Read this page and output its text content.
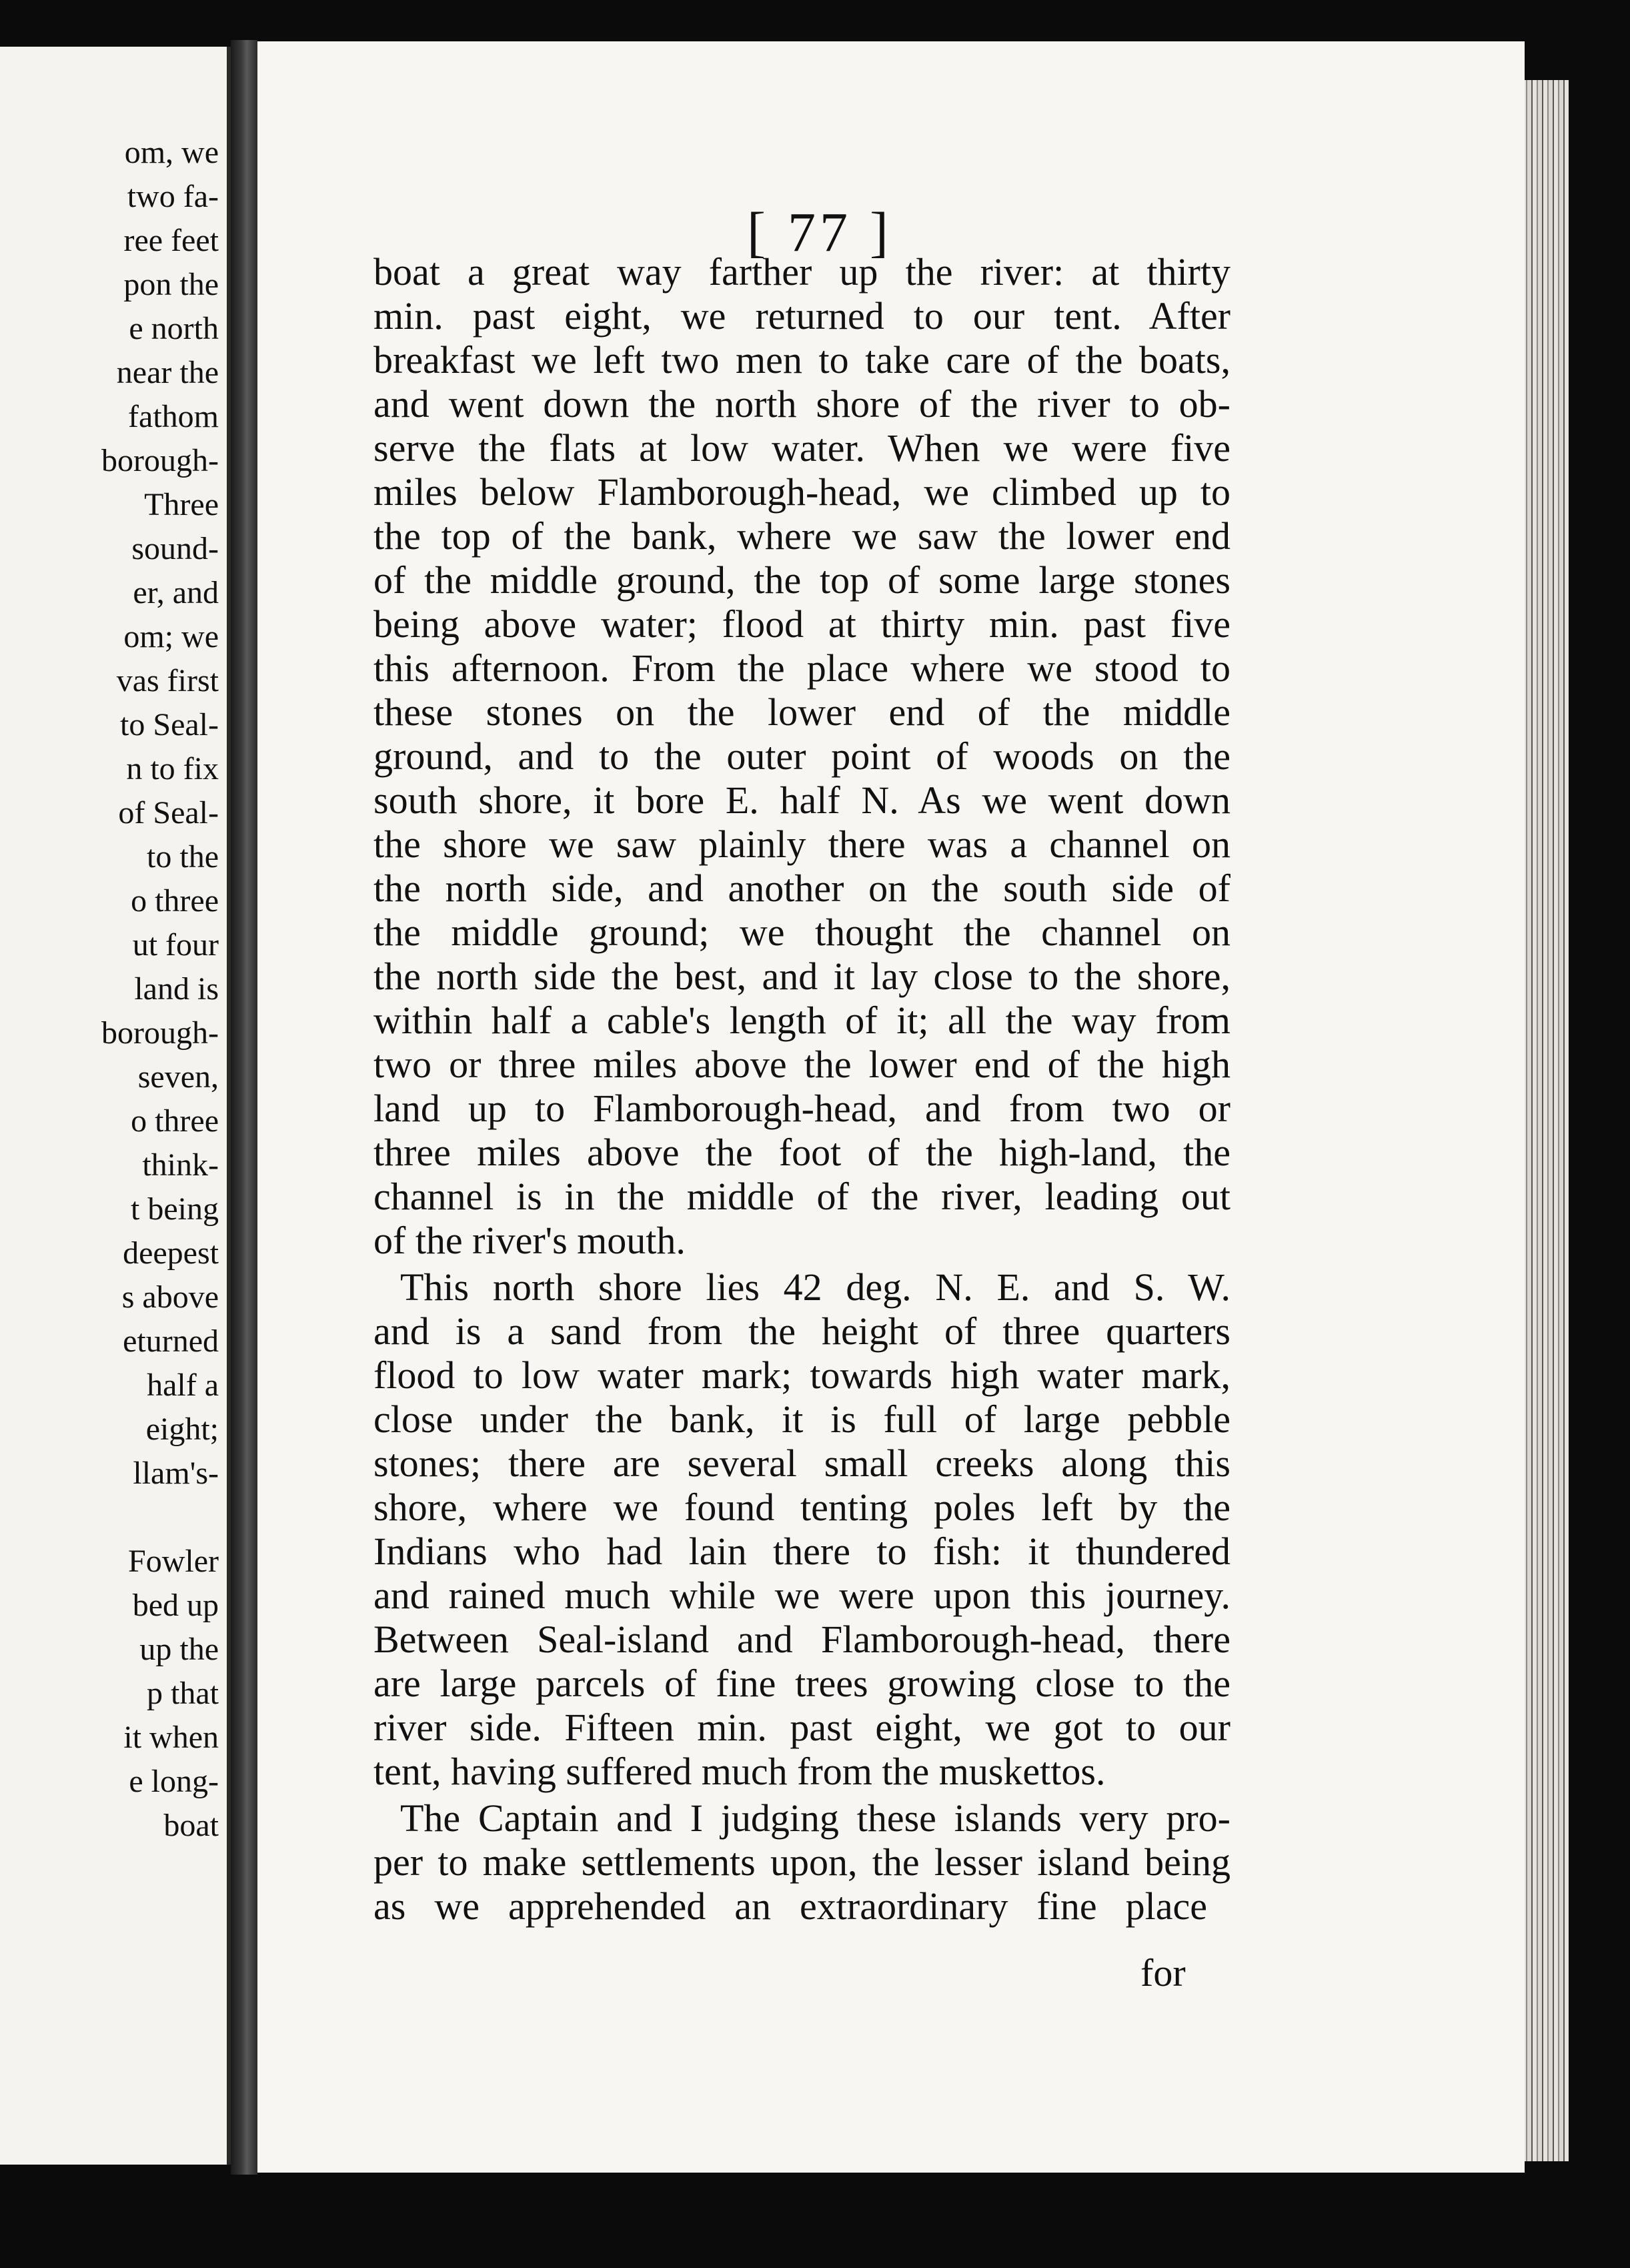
om, we
two fa-
ree feet
pon the
e north
near the
fathom
borough-
Three
sound-
er, and
om; we
vas first
to Seal-
n to fix
of Seal-
to the
o three
ut four
land is
borough-
seven,
o three
think-
t being
deepest
s above
eturned
half a
eight;
llam's-
Fowler
bed up
up the
p that
it when
e long-
boat
[ 77 ]
boat a great way farther up the river: at thirty
min. past eight, we returned to our tent. After
breakfast we left two men to take care of the boats,
and went down the north shore of the river to ob-
serve the flats at low water. When we were five
miles below Flamborough-head, we climbed up to
the top of the bank, where we saw the lower end
of the middle ground, the top of some large stones
being above water; flood at thirty min. past five
this afternoon. From the place where we stood to
these stones on the lower end of the middle
ground, and to the outer point of woods on the
south shore, it bore E. half N. As we went down
the shore we saw plainly there was a channel on
the north side, and another on the south side of
the middle ground; we thought the channel on
the north side the best, and it lay close to the shore,
within half a cable's length of it; all the way from
two or three miles above the lower end of the high
land up to Flamborough-head, and from two or
three miles above the foot of the high-land, the
channel is in the middle of the river, leading out
of the river's mouth.
This north shore lies 42 deg. N. E. and S. W.
and is a sand from the height of three quarters
flood to low water mark; towards high water mark,
close under the bank, it is full of large pebble
stones; there are several small creeks along this
shore, where we found tenting poles left by the
Indians who had lain there to fish: it thundered
and rained much while we were upon this journey.
Between Seal-island and Flamborough-head, there
are large parcels of fine trees growing close to the
river side. Fifteen min. past eight, we got to our
tent, having suffered much from the muskettos.
The Captain and I judging these islands very pro-
per to make settlements upon, the lesser island being
as we apprehended an extraordinary fine place
for
